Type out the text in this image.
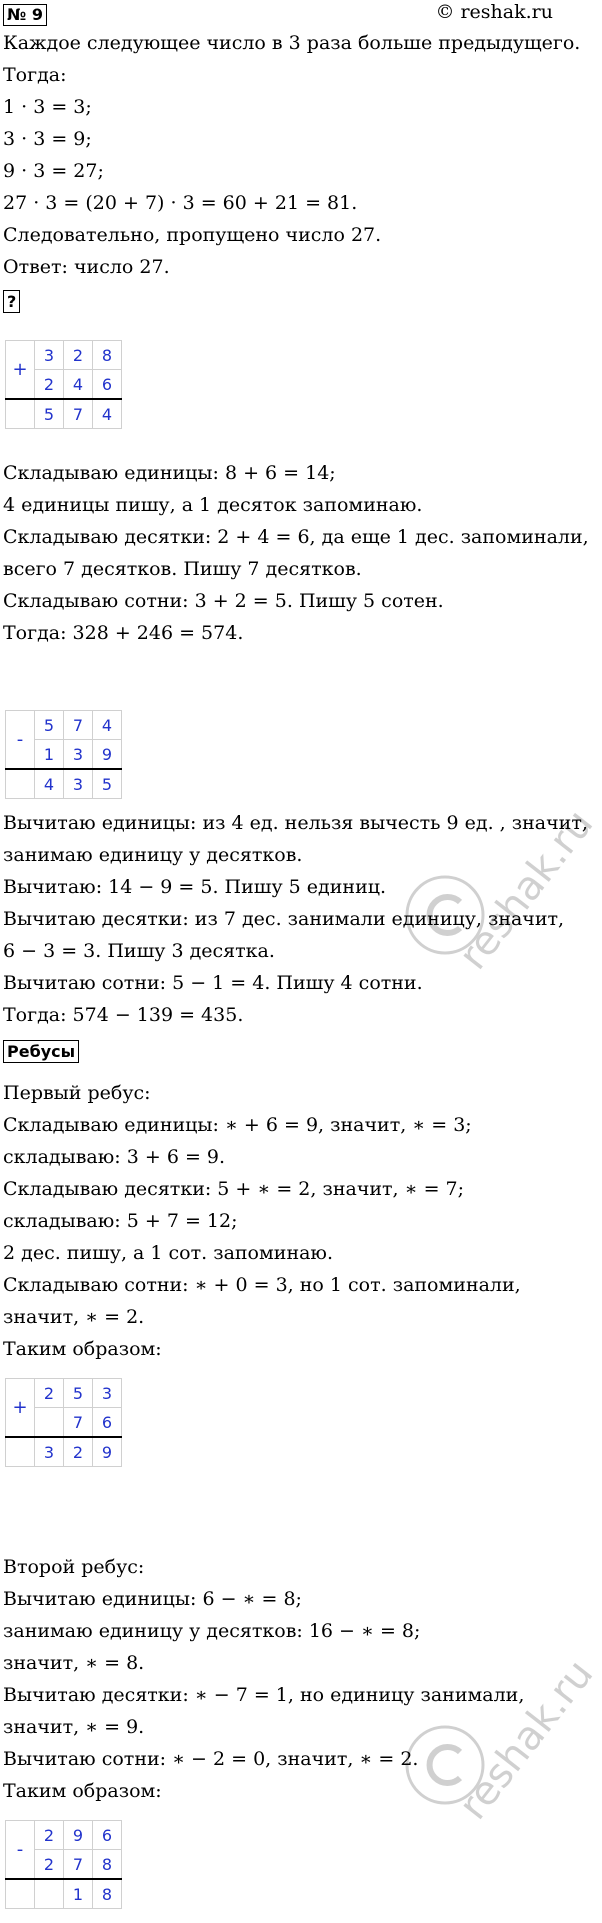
№ 9	© reshak.ru
Каждое следующее число в 3 раза больше предыдущего.
Тогда:
1 · 3 = 3;
3 · 3 = 9;
9 · 3 = 27;
27 · 3 = (20 + 7) · 3 = 60 + 21 = 81.
Следовательно, пропущено число 27.
Ответ: число 27.
?
+	3	2	8
	2	4	6
	5	7	4
Складываю единицы: 8 + 6 = 14;
4 единицы пишу, а 1 десяток запоминаю.
Складываю десятки: 2 + 4 = 6, да еще 1 дес. запоминали,
всего 7 десятков. Пишу 7 десятков.
Складываю сотни: 3 + 2 = 5. Пишу 5 сотен.
Тогда: 328 + 246 = 574.
-	5	7	4
	1	3	9
	4	3	5
Вычитаю единицы: из 4 ед. нельзя вычесть 9 ед. , значит,
занимаю единицу у десятков.
Вычитаю: 14 − 9 = 5. Пишу 5 единиц.
Вычитаю десятки: из 7 дес. занимали единицу, значит,
6 − 3 = 3. Пишу 3 десятка.
Вычитаю сотни: 5 − 1 = 4. Пишу 4 сотни.
Тогда: 574 − 139 = 435.
Ребусы
Первый ребус:
Складываю единицы: ∗ + 6 = 9, значит, ∗ = 3;
складываю: 3 + 6 = 9.
Складываю десятки: 5 + ∗ = 2, значит, ∗ = 7;
складываю: 5 + 7 = 12;
2 дес. пишу, а 1 сот. запоминаю.
Складываю сотни: ∗ + 0 = 3, но 1 сот. запоминали,
значит, ∗ = 2.
Таким образом:
+	2	5	3
		7	6
	3	2	9
Второй ребус:
Вычитаю единицы: 6 − ∗ = 8;
занимаю единицу у десятков: 16 − ∗ = 8;
значит, ∗ = 8.
Вычитаю десятки: ∗ − 7 = 1, но единицу занимали,
значит, ∗ = 9.
Вычитаю сотни: ∗ − 2 = 0, значит, ∗ = 2.
Таким образом:
-	2	9	6
	2	7	8
		1	8
reshak.ru
reshak.ru
